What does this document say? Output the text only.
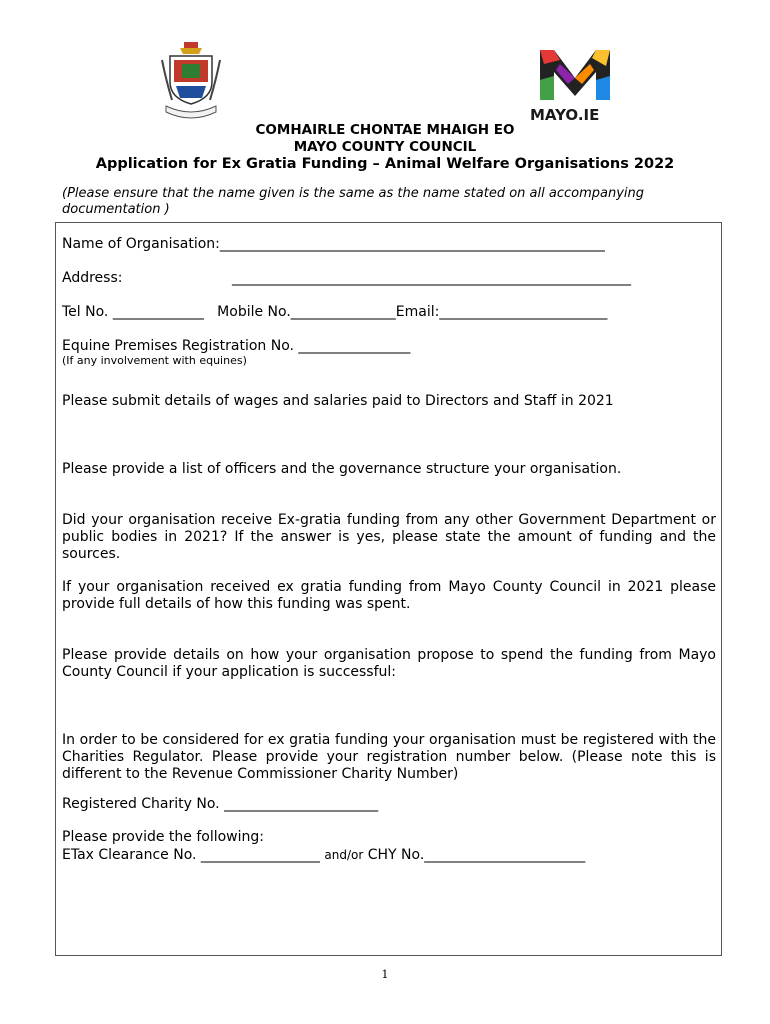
MAYO.IE
COMHAIRLE CHONTAE MHAIGH EO
MAYO COUNTY COUNCIL
Application for Ex Gratia Funding – Animal Welfare Organisations 2022
(Please ensure that the name given is the same as the name stated on all accompanying documentation )
Name of Organisation:_______________________________________________________
Address:	_________________________________________________________
Tel No. _____________   Mobile No._______________Email:________________________
Equine Premises Registration No. ________________
(If any involvement with equines)
Please submit details of wages and salaries paid to Directors and Staff in 2021
Please provide a list of officers and the governance structure your organisation.
Did your organisation receive Ex-gratia funding from any other Government Department or public bodies in 2021? If the answer is yes, please state the amount of funding and the sources.
If your organisation received ex gratia funding from Mayo County Council in 2021 please provide full details of how this funding was spent.
Please provide details on how your organisation propose to spend the funding from Mayo County Council if your application is successful:
In order to be considered for ex gratia funding your organisation must be registered with the Charities Regulator. Please provide your registration number below. (Please note this is different to the Revenue Commissioner Charity Number)
Registered Charity No. ______________________
Please provide the following:
ETax Clearance No. _________________ and/or CHY No._______________________
1
